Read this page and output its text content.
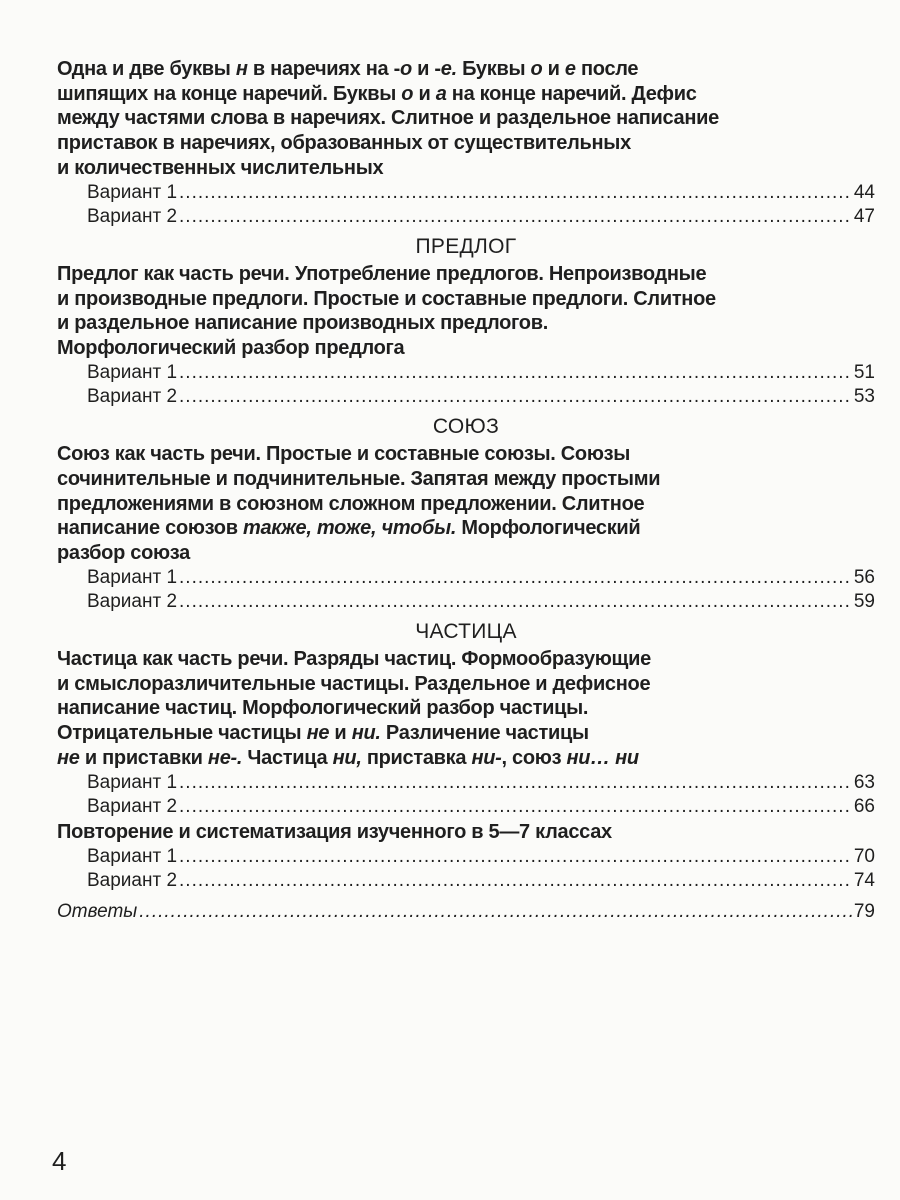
Одна и две буквы н в наречиях на -о и -е. Буквы о и е после
шипящих на конце наречий. Буквы о и а на конце наречий. Дефис
между частями слова в наречиях. Слитное и раздельное написание
приставок в наречиях, образованных от существительных
и количественных числительных
Вариант 1 .....	44
Вариант 2 .....	47
ПРЕДЛОГ
Предлог как часть речи. Употребление предлогов. Непроизводные
и производные предлоги. Простые и составные предлоги. Слитное
и раздельное написание производных предлогов.
Морфологический разбор предлога
Вариант 1 .....	51
Вариант 2 .....	53
СОЮЗ
Союз как часть речи. Простые и составные союзы. Союзы
сочинительные и подчинительные. Запятая между простыми
предложениями в союзном сложном предложении. Слитное
написание союзов также, тоже, чтобы. Морфологический
разбор союза
Вариант 1 .....	56
Вариант 2 .....	59
ЧАСТИЦА
Частица как часть речи. Разряды частиц. Формообразующие
и смыслоразличительные частицы. Раздельное и дефисное
написание частиц. Морфологический разбор частицы.
Отрицательные частицы не и ни. Различение частицы
не и приставки не-. Частица ни, приставка ни-, союз ни… ни
Вариант 1 .....	63
Вариант 2 .....	66
Повторение и систематизация изученного в 5—7 классах
Вариант 1 .....	70
Вариант 2 .....	74
Ответы .....	79
4
